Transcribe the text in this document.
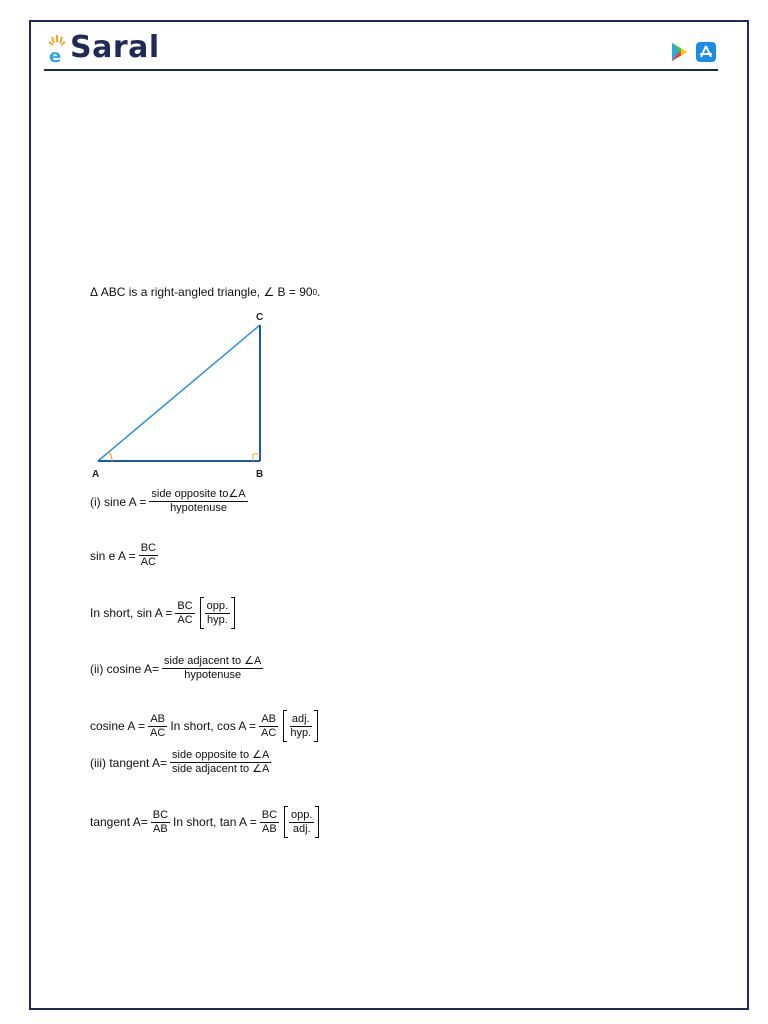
e Saral
Δ ABC is a right-angled triangle, ∠ B = 90 0 .
A	B
C
(i) sine $A = \frac{\text{side opposite to∠A}}{\text{hypotenuse}}$
sin e $A = \frac{BC}{AC}$
In short, $\sin A = \frac{BC}{AC} \frac{\text{opp.}}{\text{hyp.}}$
(ii) cosine $A= \frac{\text{side adjacent to ∠A}}{\text{hypotenuse}}$
cosine $A = \frac{AB}{AC}$ In short, $\cos A = \frac{AB}{AC} \frac{\text{adj.}}{\text{hyp.}}$
(iii) tangent $A= \frac{\text{side opposite to ∠A}}{\text{side adjacent to ∠A}}$
tangent $A= \frac{BC}{AB}$ In short, $\tan A = \frac{BC}{AB} \frac{\text{opp.}}{\text{adj.}}$
